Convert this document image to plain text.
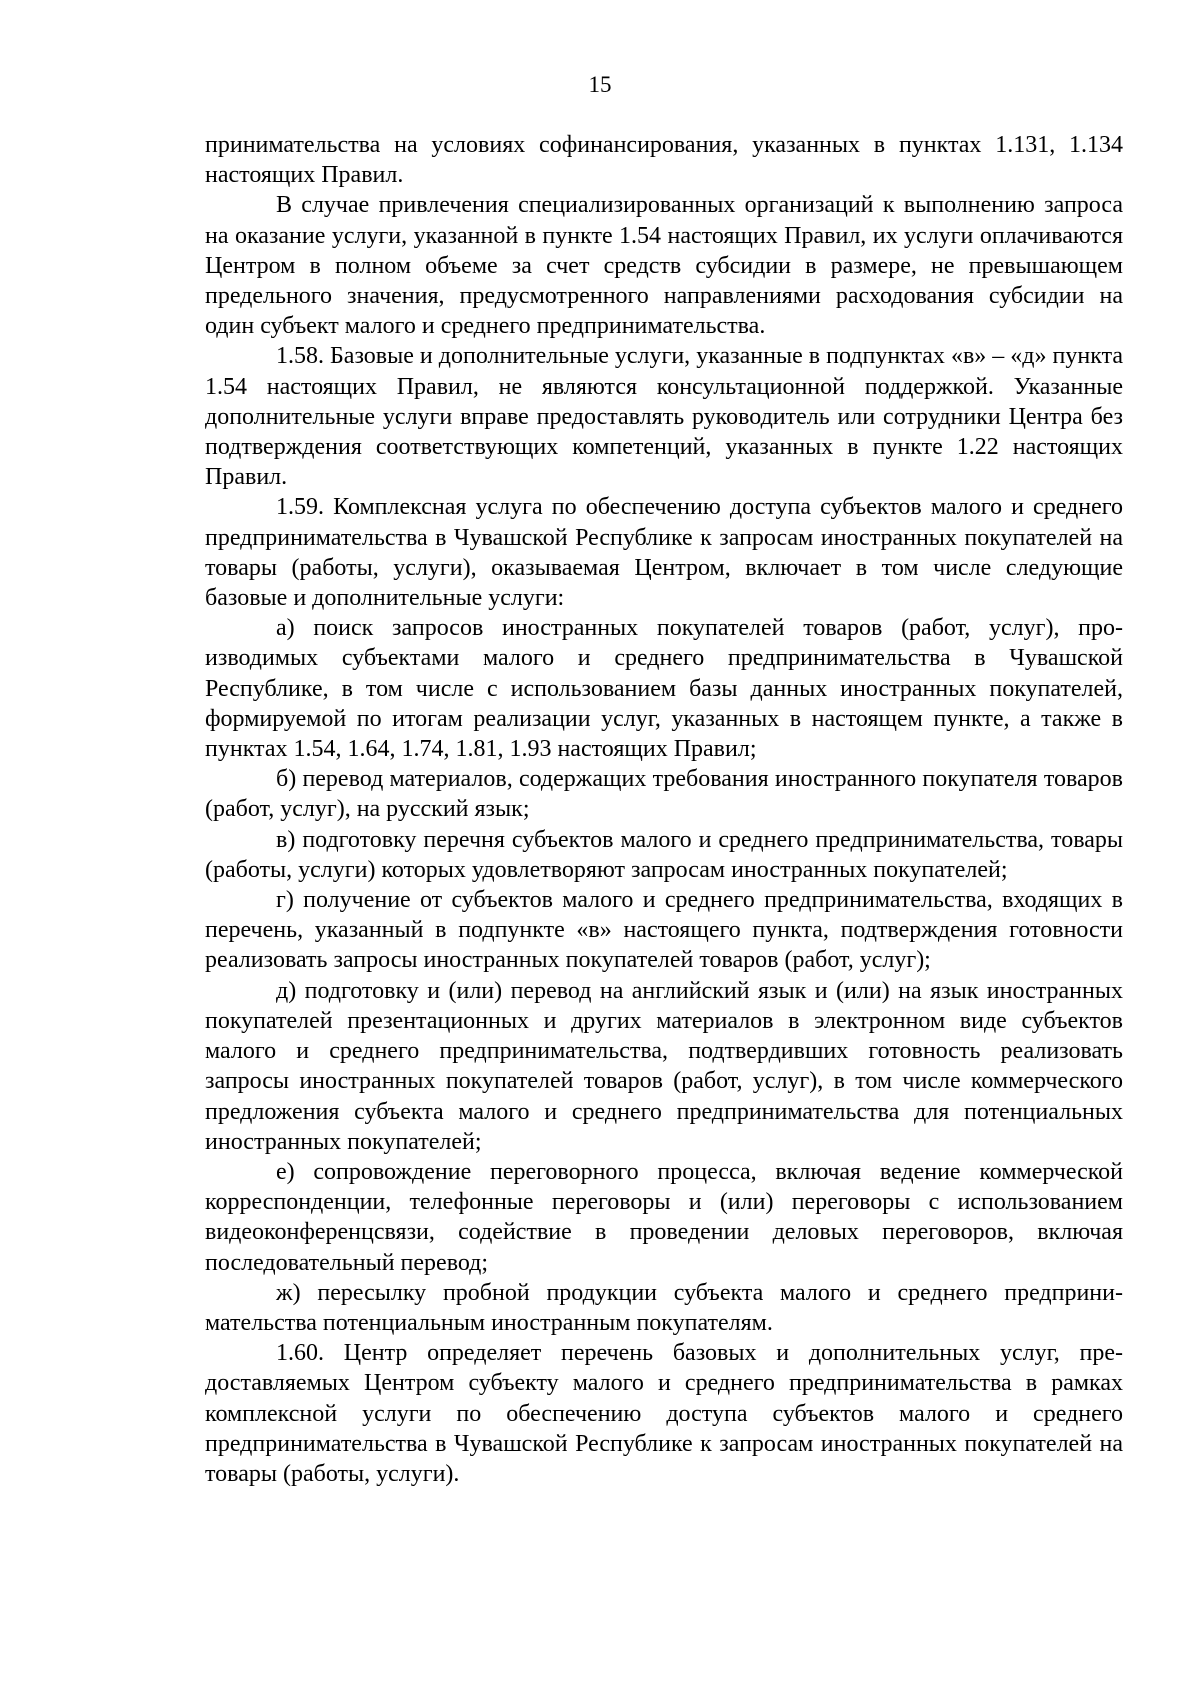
15

принимательства на условиях софинансирования, указанных в пунктах 1.131, 1.134 настоящих Правил.

В случае привлечения специализированных организаций к выполнению запроса на оказание услуги, указанной в пункте 1.54 настоящих Правил, их услуги оплачиваются Центром в полном объеме за счет средств субсидии в размере, не превышающем предельного значения, предусмотренного направлениями расходования субсидии на один субъект малого и среднего предпринимательства.

1.58. Базовые и дополнительные услуги, указанные в подпунктах «в» – «д» пункта 1.54 настоящих Правил, не являются консультационной поддержкой. Указанные дополнительные услуги вправе предоставлять руководитель или сотрудники Центра без подтверждения соответствующих компетенций, указанных в пункте 1.22 настоящих Правил.

1.59. Комплексная услуга по обеспечению доступа субъектов малого и среднего предпринимательства в Чувашской Республике к запросам иностранных покупателей на товары (работы, услуги), оказываемая Центром, включает в том числе следующие базовые и дополнительные услуги:

а) поиск запросов иностранных покупателей товаров (работ, услуг), производимых субъектами малого и среднего предпринимательства в Чувашской Республике, в том числе с использованием базы данных иностранных покупателей, формируемой по итогам реализации услуг, указанных в настоящем пункте, а также в пунктах 1.54, 1.64, 1.74, 1.81, 1.93 настоящих Правил;

б) перевод материалов, содержащих требования иностранного покупателя товаров (работ, услуг), на русский язык;

в) подготовку перечня субъектов малого и среднего предпринимательства, товары (работы, услуги) которых удовлетворяют запросам иностранных покупателей;

г) получение от субъектов малого и среднего предпринимательства, входящих в перечень, указанный в подпункте «в» настоящего пункта, подтверждения готовности реализовать запросы иностранных покупателей товаров (работ, услуг);

д) подготовку и (или) перевод на английский язык и (или) на язык иностранных покупателей презентационных и других материалов в электронном виде субъектов малого и среднего предпринимательства, подтвердивших готовность реализовать запросы иностранных покупателей товаров (работ, услуг), в том числе коммерческого предложения субъекта малого и среднего предпринимательства для потенциальных иностранных покупателей;

е) сопровождение переговорного процесса, включая ведение коммерческой корреспонденции, телефонные переговоры и (или) переговоры с использованием видеоконференцсвязи, содействие в проведении деловых переговоров, включая последовательный перевод;

ж) пересылку пробной продукции субъекта малого и среднего предпринимательства потенциальным иностранным покупателям.

1.60. Центр определяет перечень базовых и дополнительных услуг, предоставляемых Центром субъекту малого и среднего предпринимательства в рамках комплексной услуги по обеспечению доступа субъектов малого и среднего предпринимательства в Чувашской Республике к запросам иностранных покупателей на товары (работы, услуги).
